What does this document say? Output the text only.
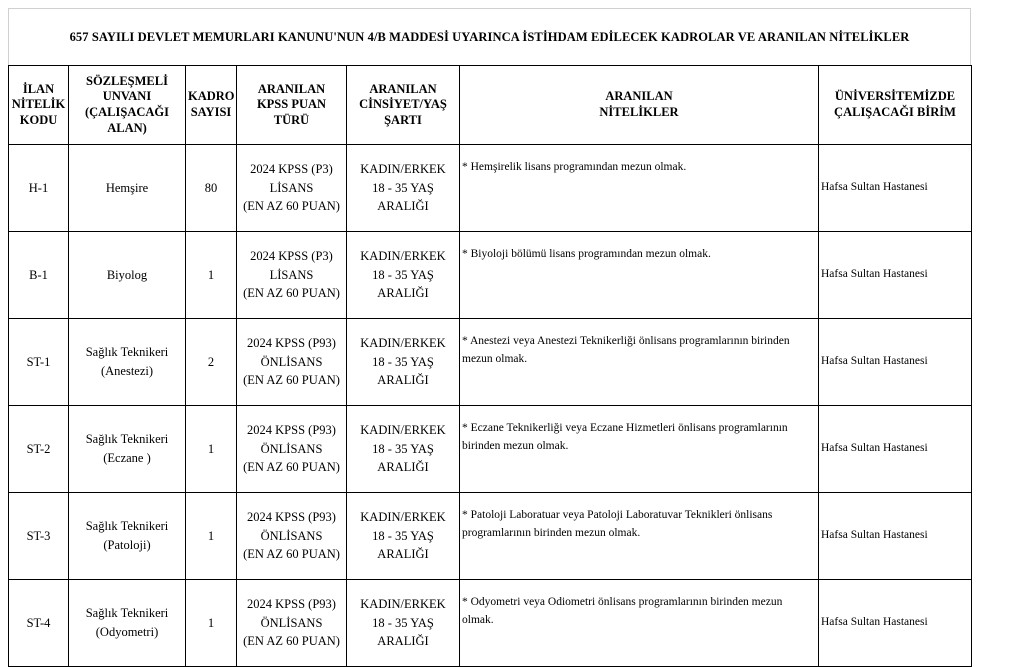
657 SAYILI DEVLET MEMURLARI KANUNU'NUN 4/B MADDESİ UYARINCA İSTİHDAM EDİLECEK KADROLAR VE ARANILAN NİTELİKLER
İLAN
NİTELİK
KODU	SÖZLEŞMELİ
UNVANI
(ÇALIŞACAĞI
ALAN)	KADRO
SAYISI	ARANILAN
KPSS PUAN TÜRÜ	ARANILAN
CİNSİYET/YAŞ
ŞARTI	ARANILAN
NİTELİKLER	ÜNİVERSİTEMİZDE
ÇALIŞACAĞI BİRİM

H-1	Hemşire	80	2024 KPSS (P3)
LİSANS
(EN AZ 60 PUAN)	KADIN/ERKEK
18 - 35 YAŞ ARALIĞI	* Hemşirelik lisans programından mezun olmak.	Hafsa Sultan Hastanesi
B-1	Biyolog	1	2024 KPSS (P3)
LİSANS
(EN AZ 60 PUAN)	KADIN/ERKEK
18 - 35 YAŞ ARALIĞI	* Biyoloji bölümü lisans programından mezun olmak.	Hafsa Sultan Hastanesi
ST-1	Sağlık Teknikeri
(Anestezi)	2	2024 KPSS (P93)
ÖNLİSANS
(EN AZ 60 PUAN)	KADIN/ERKEK
18 - 35 YAŞ ARALIĞI	* Anestezi veya Anestezi Teknikerliği önlisans programlarının birinden mezun olmak.	Hafsa Sultan Hastanesi
ST-2	Sağlık Teknikeri
(Eczane )	1	2024 KPSS (P93)
ÖNLİSANS
(EN AZ 60 PUAN)	KADIN/ERKEK
18 - 35 YAŞ ARALIĞI	* Eczane Teknikerliği veya Eczane Hizmetleri önlisans programlarının birinden mezun olmak.	Hafsa Sultan Hastanesi
ST-3	Sağlık Teknikeri
(Patoloji)	1	2024 KPSS (P93)
ÖNLİSANS
(EN AZ 60 PUAN)	KADIN/ERKEK
18 - 35 YAŞ ARALIĞI	* Patoloji Laboratuar veya Patoloji Laboratuvar Teknikleri önlisans programlarının birinden mezun olmak.	Hafsa Sultan Hastanesi
ST-4	Sağlık Teknikeri
(Odyometri)	1	2024 KPSS (P93)
ÖNLİSANS
(EN AZ 60 PUAN)	KADIN/ERKEK
18 - 35 YAŞ ARALIĞI	* Odyometri veya Odiometri önlisans programlarının birinden mezun olmak.	Hafsa Sultan Hastanesi
